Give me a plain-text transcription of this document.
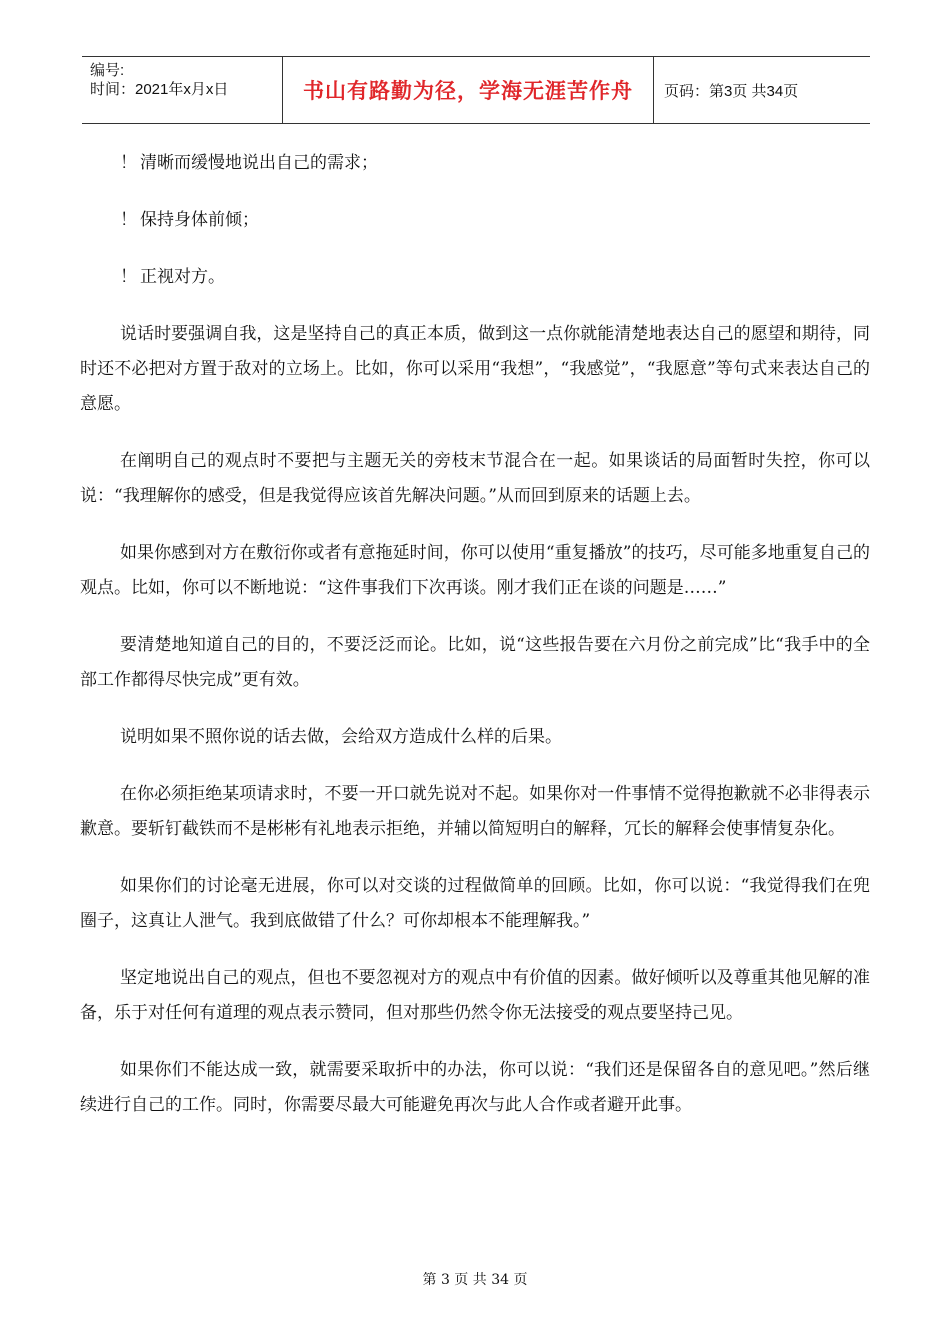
编号:
时间：2021年x月x日	书山有路勤为径，学海无涯苦作舟 页码：第3页 共34页
！ 清晰而缓慢地说出自己的需求；
！ 保持身体前倾；
！ 正视对方。

说话时要强调自我，这是坚持自己的真正本质，做到这一点你就能清楚地表达自己的愿望和期待，同时还不必把对方置于敌对的立场上。比如，你可以采用“我想”，“我感觉”，“我愿意”等句式来表达自己的意愿。

在阐明自己的观点时不要把与主题无关的旁枝末节混合在一起。如果谈话的局面暂时失控，你可以说：“我理解你的感受，但是我觉得应该首先解决问题。”从而回到原来的话题上去。

如果你感到对方在敷衍你或者有意拖延时间，你可以使用“重复播放”的技巧，尽可能多地重复自己的观点。比如，你可以不断地说：“这件事我们下次再谈。刚才我们正在谈的问题是……”

要清楚地知道自己的目的，不要泛泛而论。比如，说“这些报告要在六月份之前完成”比“我手中的全部工作都得尽快完成”更有效。

说明如果不照你说的话去做，会给双方造成什么样的后果。

在你必须拒绝某项请求时，不要一开口就先说对不起。如果你对一件事情不觉得抱歉就不必非得表示歉意。要斩钉截铁而不是彬彬有礼地表示拒绝，并辅以简短明白的解释，冗长的解释会使事情复杂化。

如果你们的讨论毫无进展，你可以对交谈的过程做简单的回顾。比如，你可以说：“我觉得我们在兜圈子，这真让人泄气。我到底做错了什么？可你却根本不能理解我。”

坚定地说出自己的观点，但也不要忽视对方的观点中有价值的因素。做好倾听以及尊重其他见解的准备，乐于对任何有道理的观点表示赞同，但对那些仍然令你无法接受的观点要坚持己见。

如果你们不能达成一致，就需要采取折中的办法，你可以说：“我们还是保留各自的意见吧。”然后继续进行自己的工作。同时，你需要尽最大可能避免再次与此人合作或者避开此事。

第 3 页 共 34 页
